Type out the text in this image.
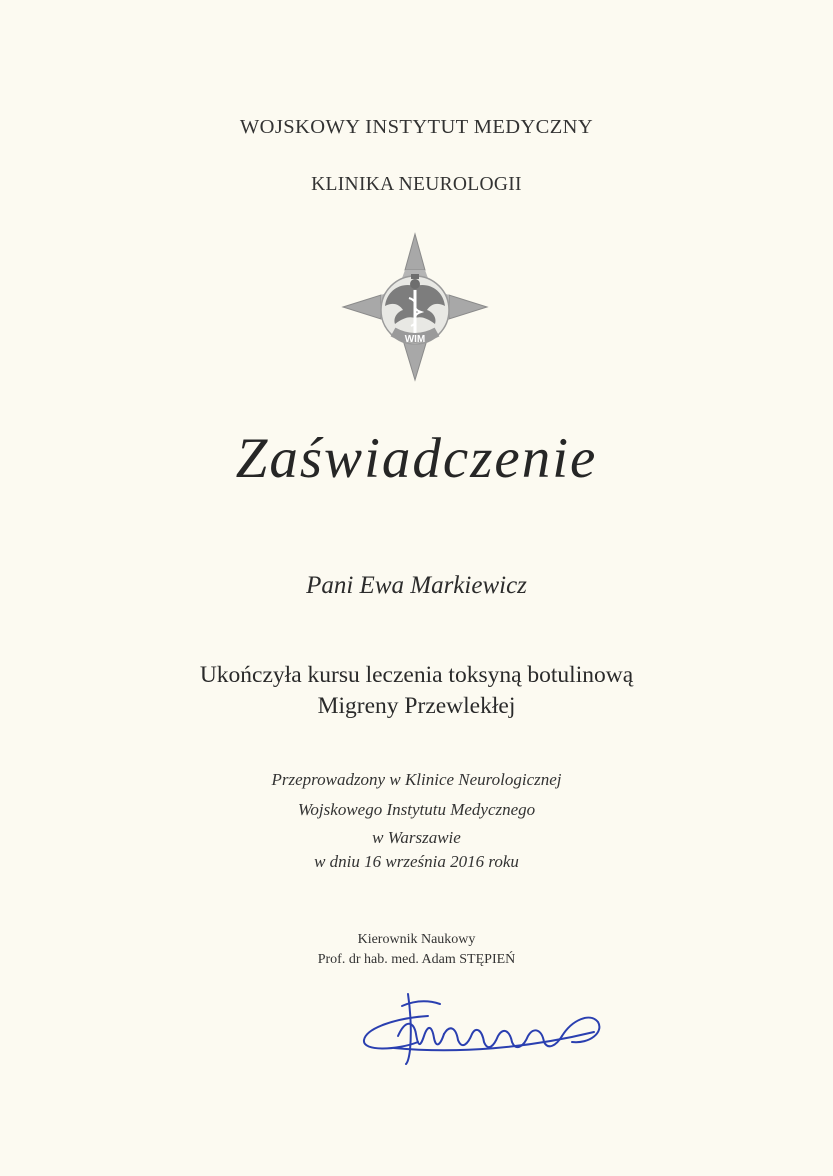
WOJSKOWY INSTYTUT MEDYCZNY
KLINIKA NEUROLOGII
WIM
Zaświadczenie
Pani Ewa Markiewicz
Ukończyła kursu leczenia toksyną botulinową
Migreny Przewlekłej
Przeprowadzony w Klinice Neurologicznej
Wojskowego Instytutu Medycznego
w Warszawie
w dniu 16 września 2016 roku
Kierownik Naukowy
Prof. dr hab. med. Adam STĘPIEŃ
